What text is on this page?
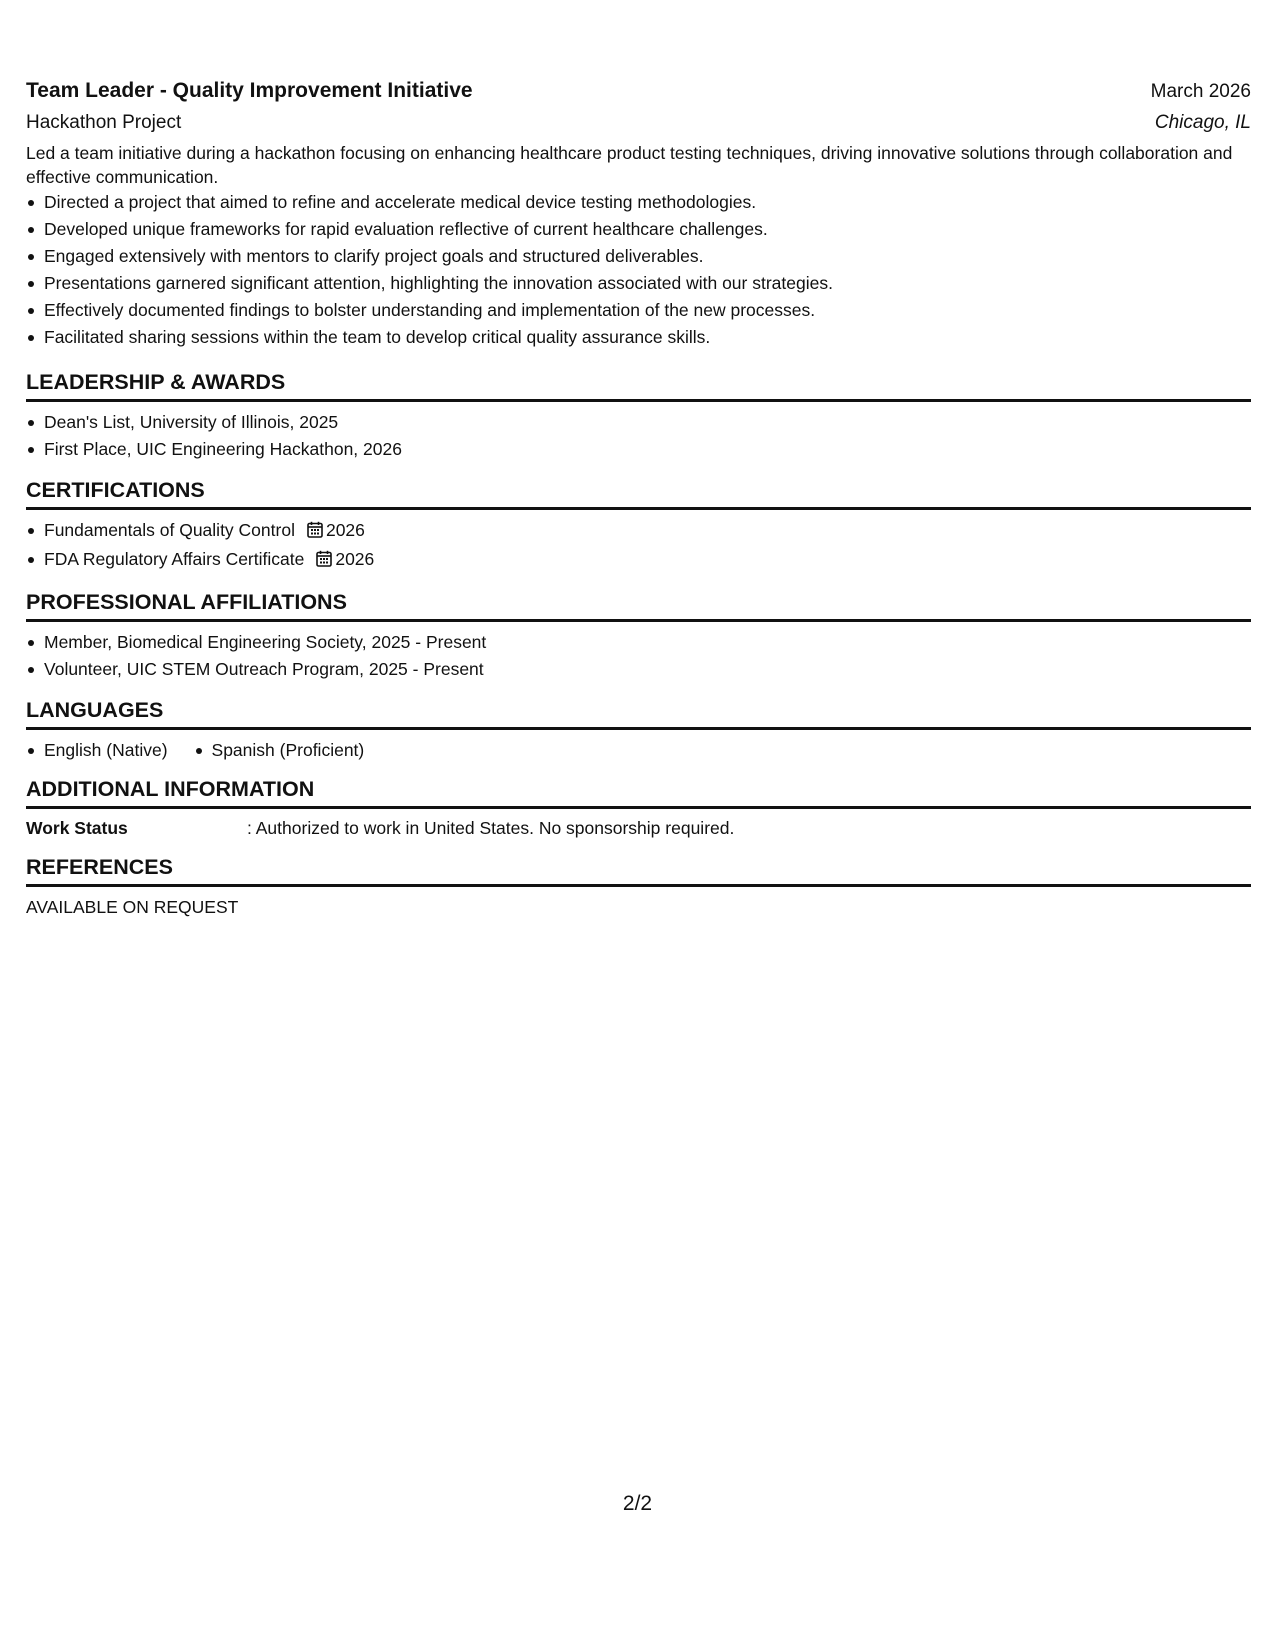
Team Leader - Quality Improvement Initiative	March 2026
Hackathon Project	Chicago, IL
Led a team initiative during a hackathon focusing on enhancing healthcare product testing techniques, driving innovative solutions through collaboration and effective communication.
Directed a project that aimed to refine and accelerate medical device testing methodologies.
Developed unique frameworks for rapid evaluation reflective of current healthcare challenges.
Engaged extensively with mentors to clarify project goals and structured deliverables.
Presentations garnered significant attention, highlighting the innovation associated with our strategies.
Effectively documented findings to bolster understanding and implementation of the new processes.
Facilitated sharing sessions within the team to develop critical quality assurance skills.
LEADERSHIP & AWARDS
Dean's List, University of Illinois, 2025
First Place, UIC Engineering Hackathon, 2026
CERTIFICATIONS
Fundamentals of Quality Control 2026
FDA Regulatory Affairs Certificate 2026
PROFESSIONAL AFFILIATIONS
Member, Biomedical Engineering Society, 2025 - Present
Volunteer, UIC STEM Outreach Program, 2025 - Present
LANGUAGES
English (Native)	Spanish (Proficient)
ADDITIONAL INFORMATION
Work Status	: Authorized to work in United States. No sponsorship required.
REFERENCES
AVAILABLE ON REQUEST
2/2
